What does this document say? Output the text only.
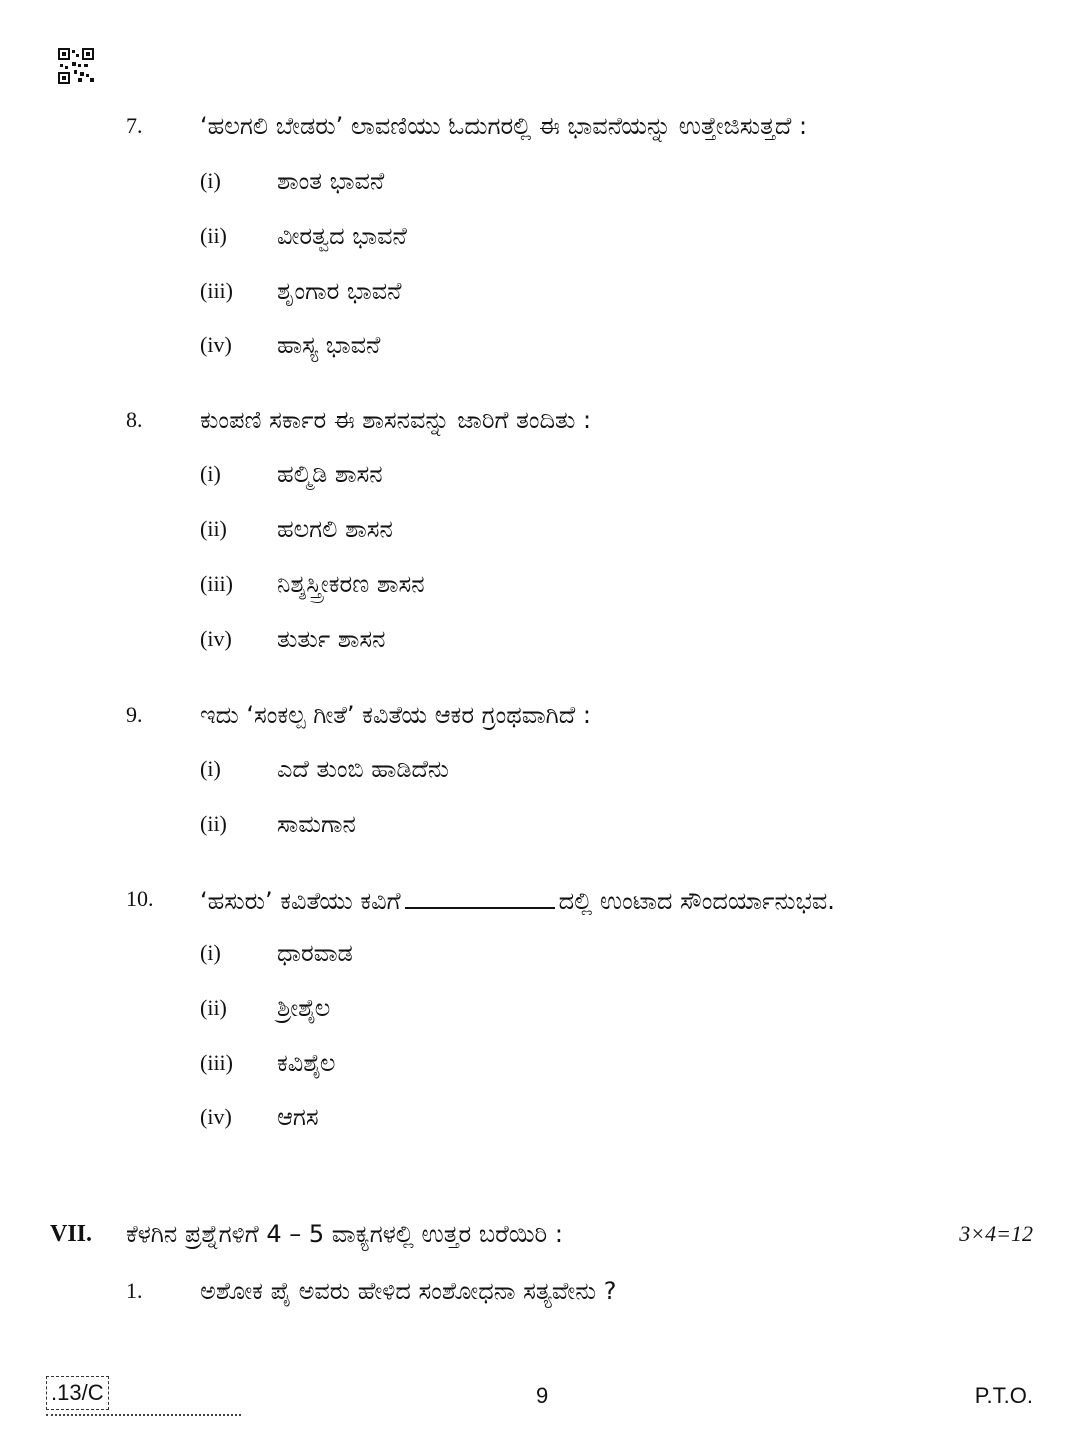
7. ‘ಹಲಗಲಿ ಬೇಡರು’ ಲಾವಣಿಯು ಓದುಗರಲ್ಲಿ ಈ ಭಾವನೆಯನ್ನು ಉತ್ತೇಜಿಸುತ್ತದೆ :
(i) ಶಾಂತ ಭಾವನೆ
(ii) ವೀರತ್ವದ ಭಾವನೆ
(iii) ಶೃಂಗಾರ ಭಾವನೆ
(iv) ಹಾಸ್ಯ ಭಾವನೆ
8. ಕುಂಪಣಿ ಸರ್ಕಾರ ಈ ಶಾಸನವನ್ನು ಜಾರಿಗೆ ತಂದಿತು :
(i) ಹಲ್ಮಿಡಿ ಶಾಸನ
(ii) ಹಲಗಲಿ ಶಾಸನ
(iii) ನಿಶ್ಶಸ್ತ್ರೀಕರಣ ಶಾಸನ
(iv) ತುರ್ತು ಶಾಸನ
9. ಇದು ‘ಸಂಕಲ್ಪ ಗೀತೆ’ ಕವಿತೆಯ ಆಕರ ಗ್ರಂಥವಾಗಿದೆ :
(i) ಎದೆ ತುಂಬಿ ಹಾಡಿದೆನು
(ii) ಸಾಮಗಾನ
10. ‘ಹಸುರು’ ಕವಿತೆಯು ಕವಿಗೆ	ದಲ್ಲಿ ಉಂಟಾದ ಸೌಂದರ್ಯಾನುಭವ.
(i) ಧಾರವಾಡ
(ii) ಶ್ರೀಶೈಲ
(iii) ಕವಿಶೈಲ
(iv) ಆಗಸ
VII. ಕೆಳಗಿನ ಪ್ರಶ್ನೆಗಳಿಗೆ 4 – 5 ವಾಕ್ಯಗಳಲ್ಲಿ ಉತ್ತರ ಬರೆಯಿರಿ :	3×4=12
1. ಅಶೋಕ ಪೈ ಅವರು ಹೇಳಿದ ಸಂಶೋಧನಾ ಸತ್ಯವೇನು ?
.13/C	9	P.T.O.
